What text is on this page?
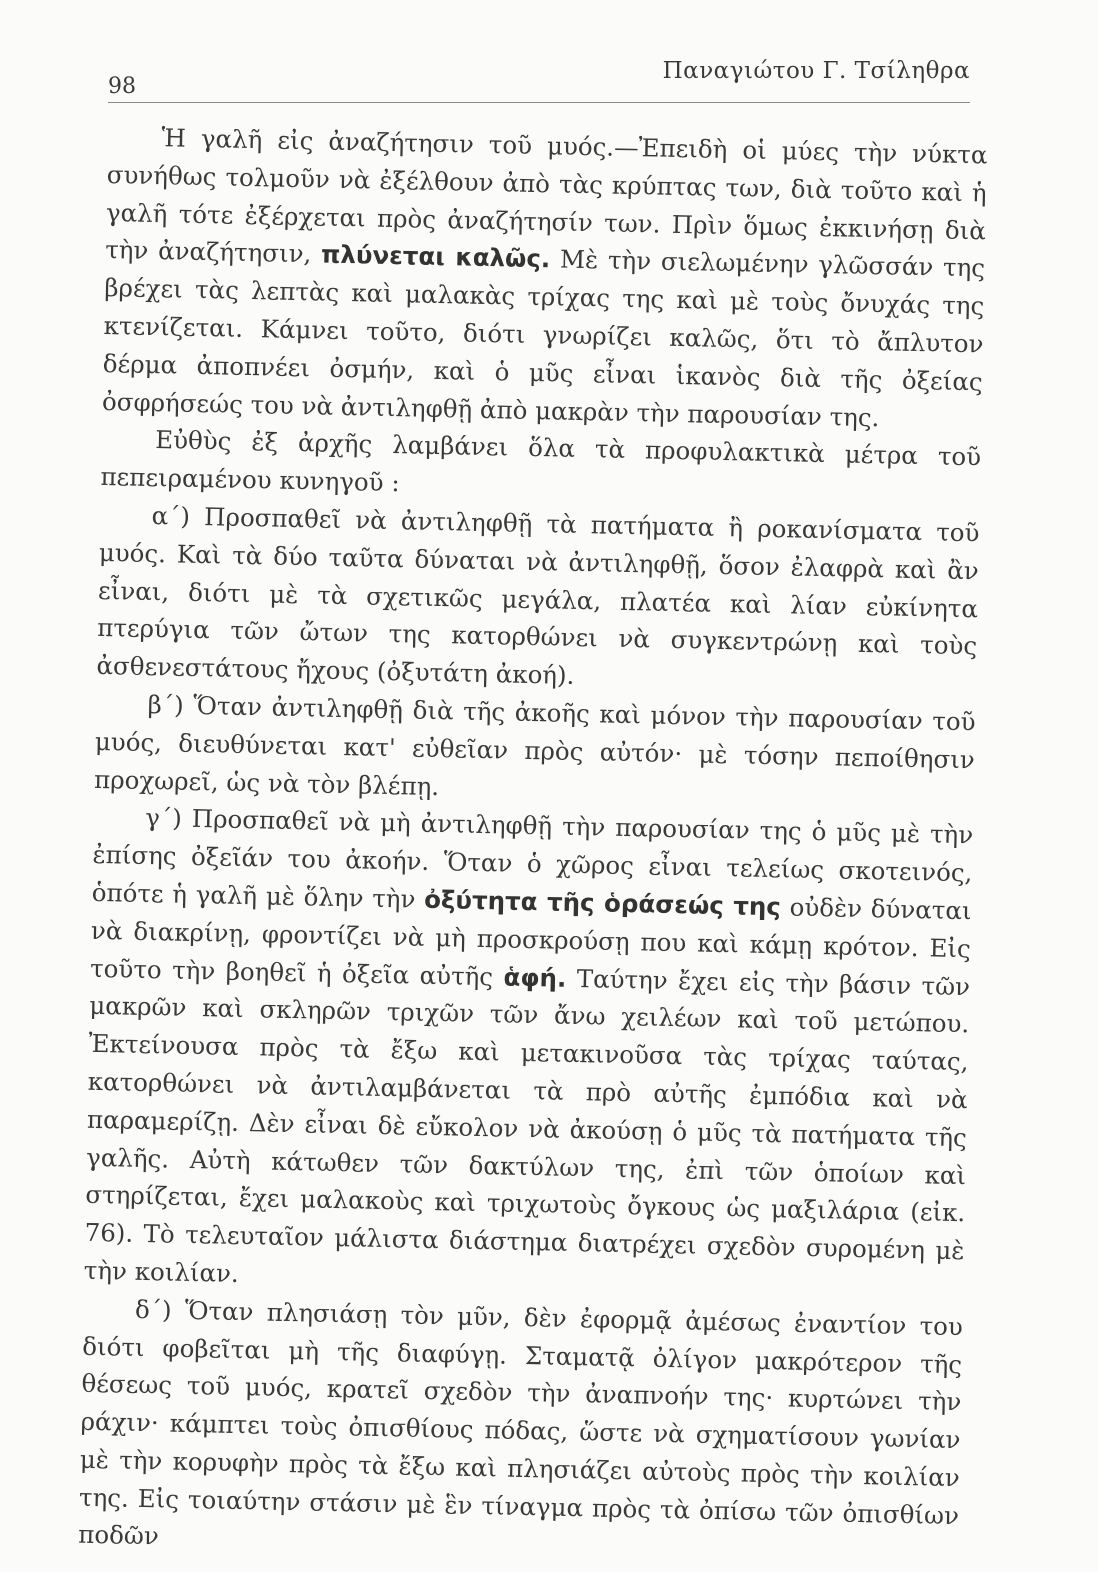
98
Παναγιώτου Γ. Τσίληθρα

Ἡ γαλῆ εἰς ἀναζήτησιν τοῦ μυός.—Ἐπειδὴ οἱ μύες τὴν νύκτα συνήθως τολμοῦν νὰ ἐξέλθουν ἀπὸ τὰς κρύπτας των, διὰ τοῦτο καὶ ἡ γαλῆ τότε ἐξέρχεται πρὸς ἀναζήτησίν των. Πρὶν ὅμως ἐκκινήσῃ διὰ τὴν ἀναζήτησιν, πλύνεται καλῶς. Μὲ τὴν σιελωμένην γλῶσσάν της βρέχει τὰς λεπτὰς καὶ μαλακὰς τρίχας της καὶ μὲ τοὺς ὄνυχάς της κτενίζεται. Κάμνει τοῦτο, διότι γνωρίζει καλῶς, ὅτι τὸ ἄπλυτον δέρμα ἀποπνέει ὀσμήν, καὶ ὁ μῦς εἶναι ἱκανὸς διὰ τῆς ὀξείας ὀσφρήσεώς του νὰ ἀντιληφθῇ ἀπὸ μακρὰν τὴν παρουσίαν της.

Εὐθὺς ἐξ ἀρχῆς λαμβάνει ὅλα τὰ προφυλακτικὰ μέτρα τοῦ πεπειραμένου κυνηγοῦ :

α΄) Προσπαθεῖ νὰ ἀντιληφθῇ τὰ πατήματα ἢ ροκανίσματα τοῦ μυός. Καὶ τὰ δύο ταῦτα δύναται νὰ ἀντιληφθῇ, ὅσον ἐλαφρὰ καὶ ἂν εἶναι, διότι μὲ τὰ σχετικῶς μεγάλα, πλατέα καὶ λίαν εὐκίνητα πτερύγια τῶν ὤτων της κατορθώνει νὰ συγκεντρώνῃ καὶ τοὺς ἀσθενεστάτους ἤχους (ὀξυτάτη ἀκοή).

β΄) Ὅταν ἀντιληφθῇ διὰ τῆς ἀκοῆς καὶ μόνον τὴν παρουσίαν τοῦ μυός, διευθύνεται κατ' εὐθεῖαν πρὸς αὐτόν· μὲ τόσην πεποίθησιν προχωρεῖ, ὡς νὰ τὸν βλέπῃ.

γ΄) Προσπαθεῖ νὰ μὴ ἀντιληφθῇ τὴν παρουσίαν της ὁ μῦς μὲ τὴν ἐπίσης ὀξεῖάν του ἀκοήν. Ὅταν ὁ χῶρος εἶναι τελείως σκοτεινός, ὁπότε ἡ γαλῆ μὲ ὅλην τὴν ὀξύτητα τῆς ὁράσεώς της οὐδὲν δύναται νὰ διακρίνῃ, φροντίζει νὰ μὴ προσκρούσῃ που καὶ κάμῃ κρότον. Εἰς τοῦτο τὴν βοηθεῖ ἡ ὀξεῖα αὐτῆς ἁφή. Ταύτην ἔχει εἰς τὴν βάσιν τῶν μακρῶν καὶ σκληρῶν τριχῶν τῶν ἄνω χειλέων καὶ τοῦ μετώπου. Ἐκτείνουσα πρὸς τὰ ἔξω καὶ μετακινοῦσα τὰς τρίχας ταύτας, κατορθώνει νὰ ἀντιλαμβάνεται τὰ πρὸ αὐτῆς ἐμπόδια καὶ νὰ παραμερίζῃ. Δὲν εἶναι δὲ εὔκολον νὰ ἀκούσῃ ὁ μῦς τὰ πατήματα τῆς γαλῆς. Αὐτὴ κάτωθεν τῶν δακτύλων της, ἐπὶ τῶν ὁποίων καὶ στηρίζεται, ἔχει μαλακοὺς καὶ τριχωτοὺς ὄγκους ὡς μαξιλάρια (εἰκ. 76). Τὸ τελευταῖον μάλιστα διάστημα διατρέχει σχεδὸν συρομένη μὲ τὴν κοιλίαν.

δ΄) Ὅταν πλησιάσῃ τὸν μῦν, δὲν ἐφορμᾷ ἀμέσως ἐναντίον του διότι φοβεῖται μὴ τῆς διαφύγῃ. Σταματᾷ ὀλίγον μακρότερον τῆς θέσεως τοῦ μυός, κρατεῖ σχεδὸν τὴν ἀναπνοήν της· κυρτώνει τὴν ράχιν· κάμπτει τοὺς ὀπισθίους πόδας, ὥστε νὰ σχηματίσουν γωνίαν μὲ τὴν κορυφὴν πρὸς τὰ ἔξω καὶ πλησιάζει αὐτοὺς πρὸς τὴν κοιλίαν της. Εἰς τοιαύτην στάσιν μὲ ἓν τίναγμα πρὸς τὰ ὀπίσω τῶν ὀπισθίων ποδῶν
